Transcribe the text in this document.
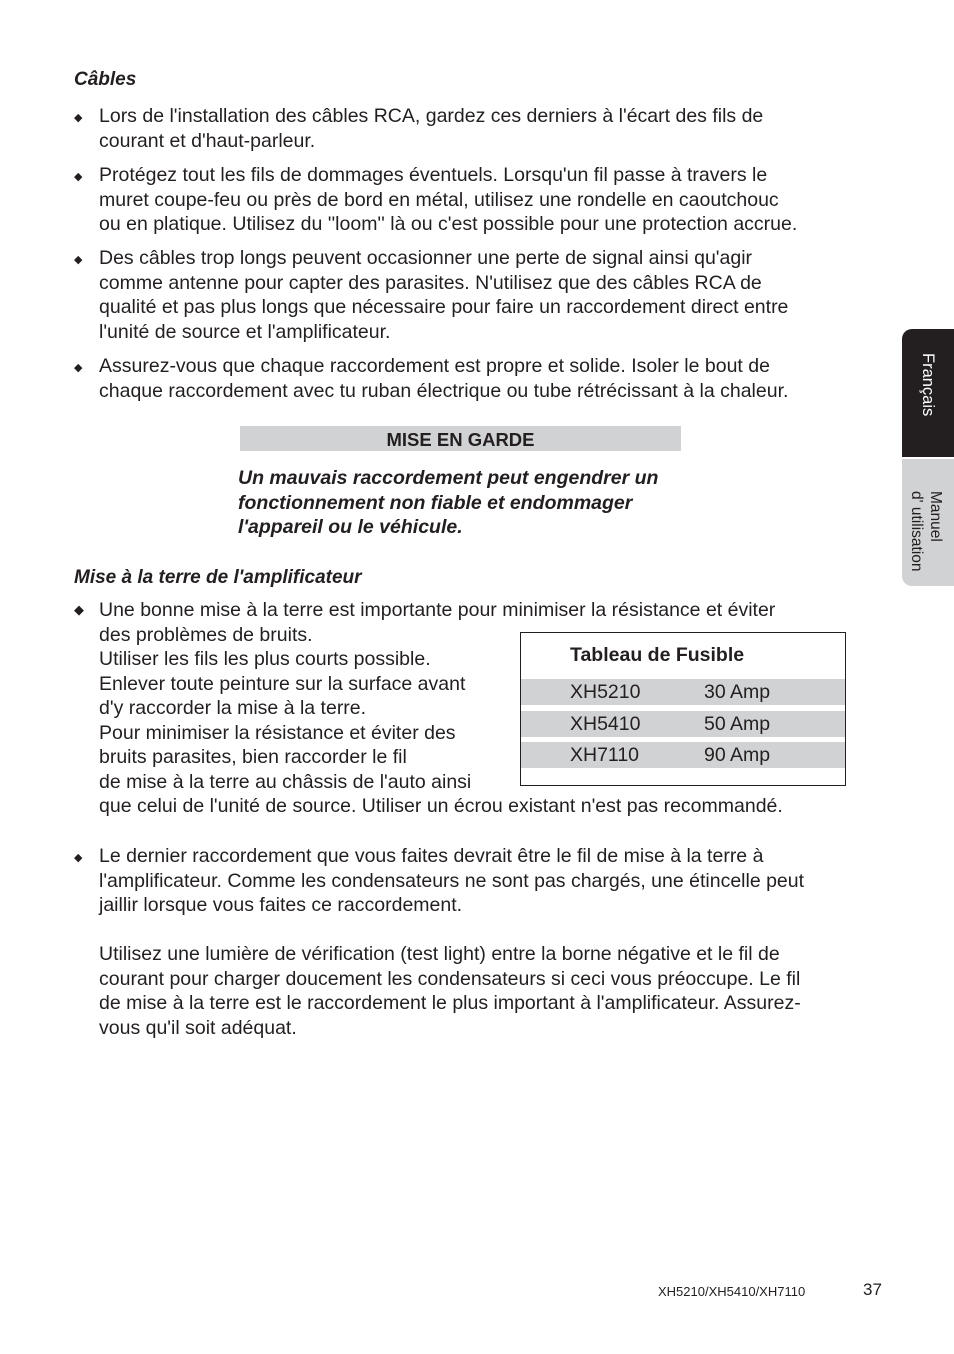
Câbles
◆ Lors de l'installation des câbles RCA, gardez ces derniers à l'écart des fils de
courant et d'haut-parleur.
◆ Protégez tout les fils de dommages éventuels. Lorsqu'un fil passe à travers le
muret coupe-feu ou près de bord en métal, utilisez une rondelle en caoutchouc
ou en platique. Utilisez du ''loom'' là ou c'est possible pour une protection accrue.
◆ Des câbles trop longs peuvent occasionner une perte de signal ainsi qu'agir
comme antenne pour capter des parasites. N'utilisez que des câbles RCA de
qualité et pas plus longs que nécessaire pour faire un raccordement direct entre
l'unité de source et l'amplificateur.
◆ Assurez-vous que chaque raccordement est propre et solide. Isoler le bout de
chaque raccordement avec tu ruban électrique ou tube rétrécissant à la chaleur.
MISE EN GARDE
Un mauvais raccordement peut engendrer un
fonctionnement non fiable et endommager
l'appareil ou le véhicule.
Mise à la terre de l'amplificateur
◆ Une bonne mise à la terre est importante pour minimiser la résistance et éviter
des problèmes de bruits.
Utiliser les fils les plus courts possible.
Enlever toute peinture sur la surface avant
d'y raccorder la mise à la terre.
Pour minimiser la résistance et éviter des
bruits parasites, bien raccorder le fil
de mise à la terre au châssis de l'auto ainsi
que celui de l'unité de source. Utiliser un écrou existant n'est pas recommandé.
Tableau de Fusible
XH5210	30 Amp
XH5410	50 Amp
XH7110	90 Amp
◆ Le dernier raccordement que vous faites devrait être le fil de mise à la terre à
l'amplificateur. Comme les condensateurs ne sont pas chargés, une étincelle peut
jaillir lorsque vous faites ce raccordement.
Utilisez une lumière de vérification (test light) entre la borne négative et le fil de
courant pour charger doucement les condensateurs si ceci vous préoccupe. Le fil
de mise à la terre est le raccordement le plus important à l'amplificateur. Assurez-
vous qu'il soit adéquat.
Français
Manuel
d' utilisation
XH5210/XH5410/XH7110	37
